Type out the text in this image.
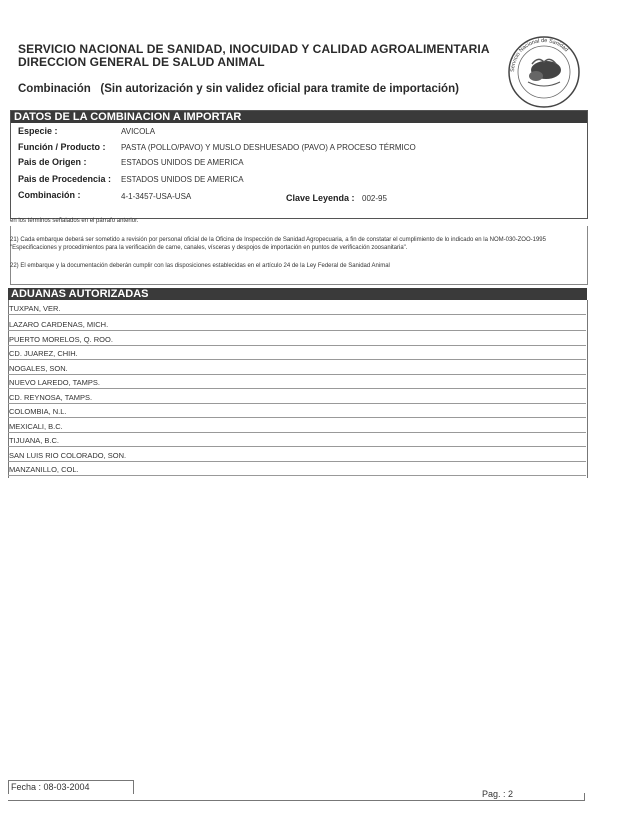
SERVICIO NACIONAL DE SANIDAD, INOCUIDAD Y CALIDAD AGROALIMENTARIA
DIRECCION GENERAL DE SALUD ANIMAL
Combinación   (Sin autorización y sin validez oficial para tramite de importación)
Servicio Nacional de Sanidad
DATOS DE LA COMBINACION A IMPORTAR
Especie :	AVICOLA
Función / Producto : PASTA (POLLO/PAVO) Y MUSLO DESHUESADO (PAVO) A PROCESO TÉRMICO
Pais de Origen :	ESTADOS UNIDOS DE AMERICA
Pais de Procedencia : ESTADOS UNIDOS DE AMERICA
Combinación :	4-1-3457-USA-USA	Clave Leyenda : 002-95
en los términos señalados en el párrafo anterior.
21) Cada embarque deberá ser sometido a revisión por personal oficial de la Oficina de Inspección de Sanidad Agropecuaria, a fin de constatar el cumplimiento de lo indicado en la NOM-030-ZOO-1995 "Especificaciones y procedimientos para la verificación de carne, canales, vísceras y despojos de importación en puntos de verificación zoosanitaria".
22) El embarque y la documentación deberán cumplir con las disposiciones establecidas en el artículo 24 de la Ley Federal de Sanidad Animal
ADUANAS AUTORIZADAS
TUXPAN, VER.
LAZARO CARDENAS, MICH.
PUERTO MORELOS, Q. ROO.
CD. JUAREZ, CHIH.
NOGALES, SON.
NUEVO LAREDO, TAMPS.
CD. REYNOSA, TAMPS.
COLOMBIA, N.L.
MEXICALI, B.C.
TIJUANA, B.C.
SAN LUIS RIO COLORADO, SON.
MANZANILLO, COL.
Fecha : 08-03-2004
Pag. : 2
